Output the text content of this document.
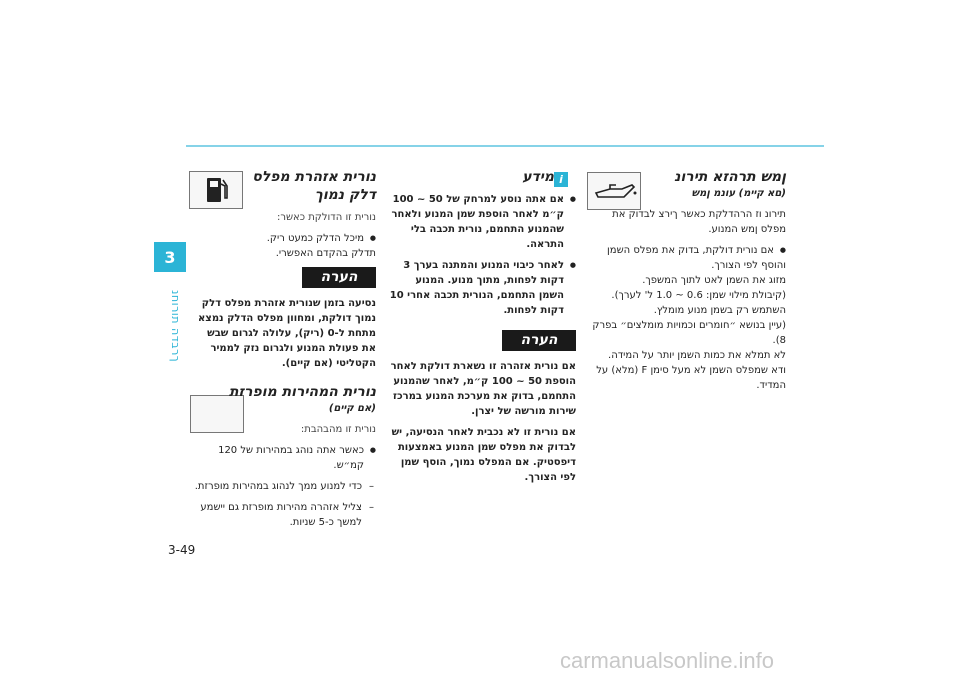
3
ךרבדה תורוחנ
3-49
carmanualsonline.info
i	ןמש תרהזא תירונ

(םא קיימ) עונמ ןמש

תירונ וז הרהדלקת כאשר ךירצ לבדוק את מפלס ןמש המנוע.

● אם נורית דולקת, בדוק את מפלס השמן

והוסף לפי הצורך.

מזוג את השמן לאט לתוך המשפך.

(קיבולת מילוי שמן: 0.6 ~ 1.0 ל' לערך).

השתמש רק בשמן מנוע מומלץ.

(עיין בנושא ״חומרים וכמויות מומלצים״ בפרק 8).

לא תמלא את כמות השמן יותר על המידה.

ודא שמפלס השמן לא מעל סימן F (מלא) על המדיד.

מידע

● אם אתה נוסע למרחק של 50 ~ 100 ק״מ לאחר הוספת שמן המנוע ולאחר שהמנוע התחמם, נורית תכבה בלי התראה.

● לאחר כיבוי המנוע והמתנה בערך 3 דקות לפחות, מתוך מנוע. המנוע השמן התחמם, הנורית תכבה אחרי 10 דקות לפחות.

הערה

אם נורית אזהרה זו נשארת דולקת לאחר הוספת 50 ~ 100 ק״מ, לאחר שהמנוע התחמם, בדוק את מערכת המנוע במרכז שירות מורשה של יצרן.

אם נורית זו לא נכבית לאחר הנסיעה, יש לבדוק את מפלס שמן המנוע באמצעות דיפסטיק. אם המפלס נמוך, הוסף שמן לפי הצורך.

נורית אזהרת מפלס

דלק נמוך

נורית זו הדולקת כאשר:

● מיכל הדלק כמעט ריק.

תדלק בהקדם האפשרי.

הערה

נסיעה בזמן שנורית אזהרת מפלס דלק נמוך דולקת, ומחוון מפלס הדלק נמצא מתחת ל-0 (ריק), עלולה לגרום שבש את פעולת המנוע ולגרום נזק לממיר הקטליטי (אם קיים).

נורית המהירות מופרזת

(אם קיים)

נורית זו מהבהבת:

● כאשר אתה נוהג במהירות של 120 קמ״ש.

– כדי למנוע ממך לנהוג במהירות מופרזת.

– צליל אזהרה מהירות מופרזת גם יישמע למשך כ-5 שניות.
